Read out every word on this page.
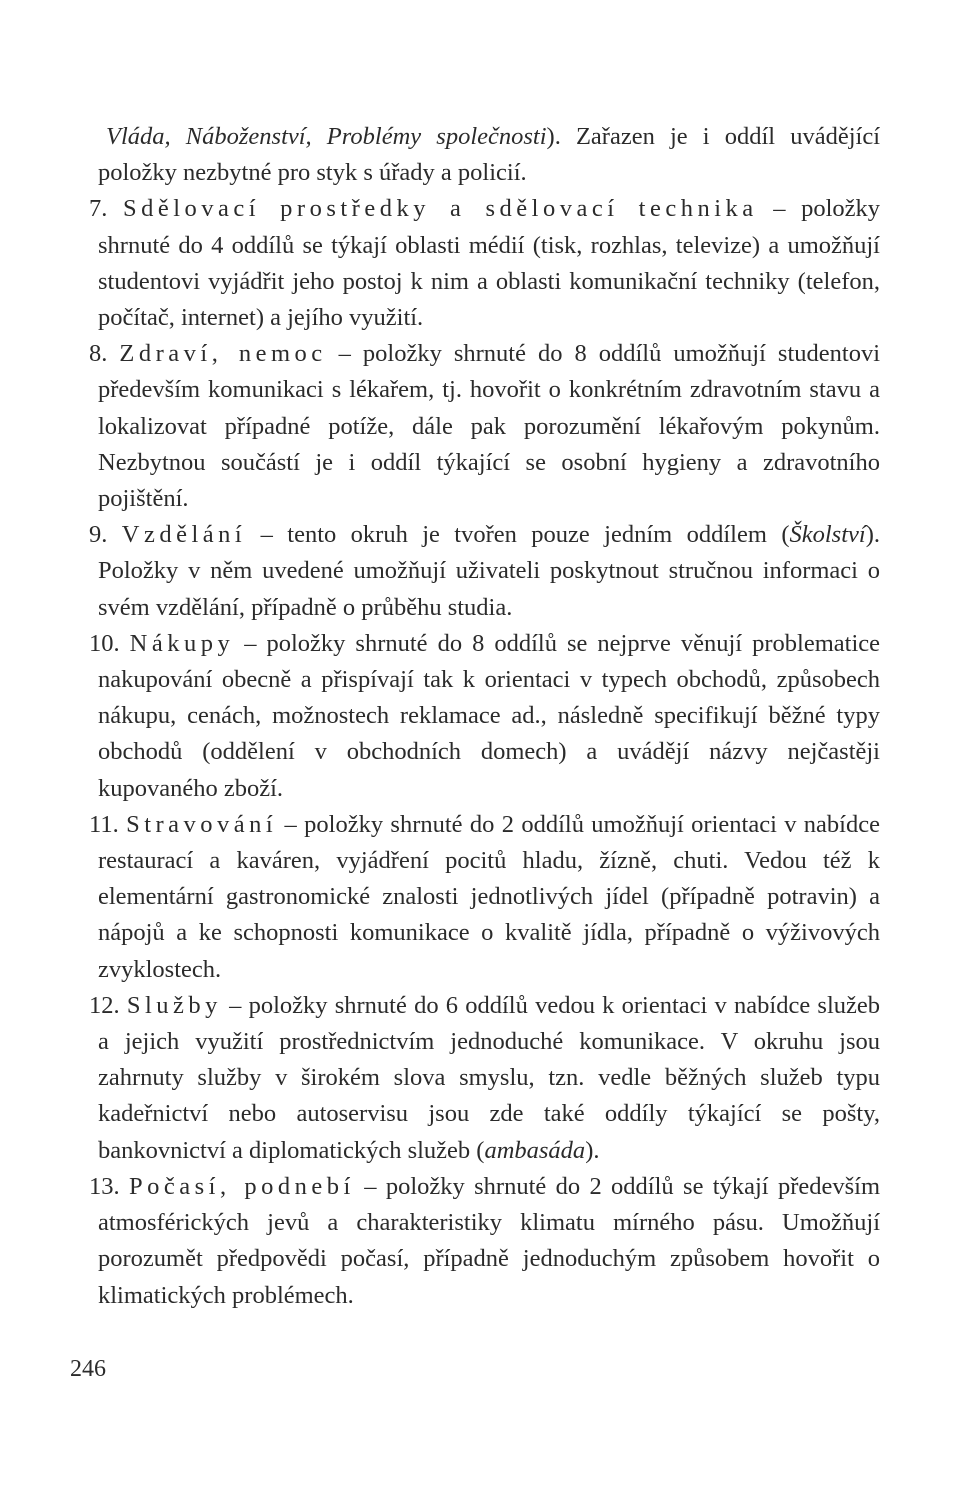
Vláda, Náboženství, Problémy společnosti). Zařazen je i oddíl uvádějící položky nezbytné pro styk s úřady a policií.

7. Sdělovací prostředky a sdělovací technika – položky shrnuté do 4 oddílů se týkají oblasti médií (tisk, rozhlas, televize) a umožňují studentovi vyjádřit jeho postoj k nim a oblasti komunikační techniky (telefon, počítač, internet) a jejího využití.

8. Zdraví, nemoc – položky shrnuté do 8 oddílů umožňují studentovi především komunikaci s lékařem, tj. hovořit o konkrétním zdravotním stavu a lokalizovat případné potíže, dále pak porozumění lékařovým pokynům. Nezbytnou součástí je i oddíl týkající se osobní hygieny a zdravotního pojištění.

9. Vzdělání – tento okruh je tvořen pouze jedním oddílem (Školství). Položky v něm uvedené umožňují uživateli poskytnout stručnou informaci o svém vzdělání, případně o průběhu studia.

10. Nákupy – položky shrnuté do 8 oddílů se nejprve věnují problematice nakupování obecně a přispívají tak k orientaci v typech obchodů, způsobech nákupu, cenách, možnostech reklamace ad., následně specifikují běžné typy obchodů (oddělení v obchodních domech) a uvádějí názvy nejčastěji kupovaného zboží.

11. Stravování – položky shrnuté do 2 oddílů umožňují orientaci v nabídce restaurací a kaváren, vyjádření pocitů hladu, žízně, chuti. Vedou též k elementární gastronomické znalosti jednotlivých jídel (případně potravin) a nápojů a ke schopnosti komunikace o kvalitě jídla, případně o výživových zvyklostech.

12. Služby – položky shrnuté do 6 oddílů vedou k orientaci v nabídce služeb a jejich využití prostřednictvím jednoduché komunikace. V okruhu jsou zahrnuty služby v širokém slova smyslu, tzn. vedle běžných služeb typu kadeřnictví nebo autoservisu jsou zde také oddíly týkající se pošty, bankovnictví a diplomatických služeb (ambasáda).

13. Počasí, podnebí – položky shrnuté do 2 oddílů se týkají především atmosférických jevů a charakteristiky klimatu mírného pásu. Umožňují porozumět předpovědi počasí, případně jednoduchým způsobem hovořit o klimatických problémech.

246
